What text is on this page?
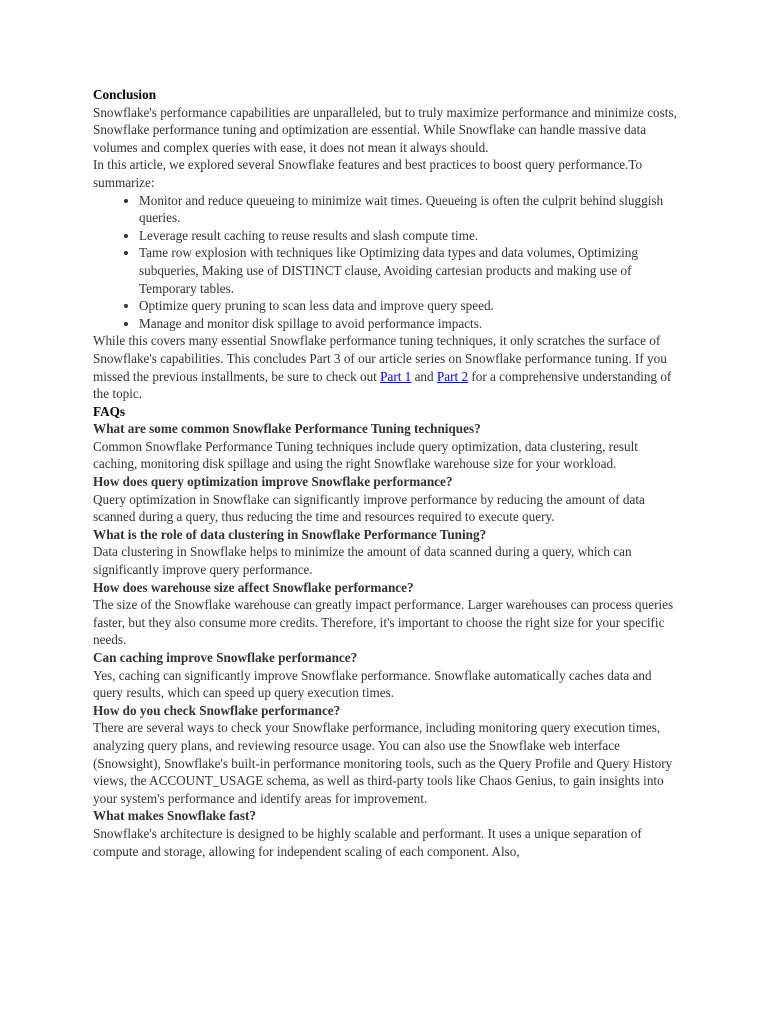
Conclusion

Snowflake's performance capabilities are unparalleled, but to truly maximize performance and minimize costs, Snowflake performance tuning and optimization are essential. While Snowflake can handle massive data volumes and complex queries with ease, it does not mean it always should.

In this article, we explored several Snowflake features and best practices to boost query performance.To summarize:

• Monitor and reduce queueing to minimize wait times. Queueing is often the culprit behind sluggish queries.
• Leverage result caching to reuse results and slash compute time.
• Tame row explosion with techniques like Optimizing data types and data volumes, Optimizing subqueries, Making use of DISTINCT clause, Avoiding cartesian products and making use of Temporary tables.
• Optimize query pruning to scan less data and improve query speed.
• Manage and monitor disk spillage to avoid performance impacts.

While this covers many essential Snowflake performance tuning techniques, it only scratches the surface of Snowflake's capabilities. This concludes Part 3 of our article series on Snowflake performance tuning. If you missed the previous installments, be sure to check out Part 1 and Part 2 for a comprehensive understanding of the topic.

FAQs
What are some common Snowflake Performance Tuning techniques?

Common Snowflake Performance Tuning techniques include query optimization, data clustering, result caching, monitoring disk spillage and using the right Snowflake warehouse size for your workload.

How does query optimization improve Snowflake performance?

Query optimization in Snowflake can significantly improve performance by reducing the amount of data scanned during a query, thus reducing the time and resources required to execute query.

What is the role of data clustering in Snowflake Performance Tuning?

Data clustering in Snowflake helps to minimize the amount of data scanned during a query, which can significantly improve query performance.

How does warehouse size affect Snowflake performance?

The size of the Snowflake warehouse can greatly impact performance. Larger warehouses can process queries faster, but they also consume more credits. Therefore, it's important to choose the right size for your specific needs.

Can caching improve Snowflake performance?

Yes, caching can significantly improve Snowflake performance. Snowflake automatically caches data and query results, which can speed up query execution times.

How do you check Snowflake performance?

There are several ways to check your Snowflake performance, including monitoring query execution times, analyzing query plans, and reviewing resource usage. You can also use the Snowflake web interface (Snowsight), Snowflake's built-in performance monitoring tools, such as the Query Profile and Query History views, the ACCOUNT_USAGE schema, as well as third-party tools like Chaos Genius, to gain insights into your system's performance and identify areas for improvement.

What makes Snowflake fast?

Snowflake's architecture is designed to be highly scalable and performant. It uses a unique separation of compute and storage, allowing for independent scaling of each component. Also,
